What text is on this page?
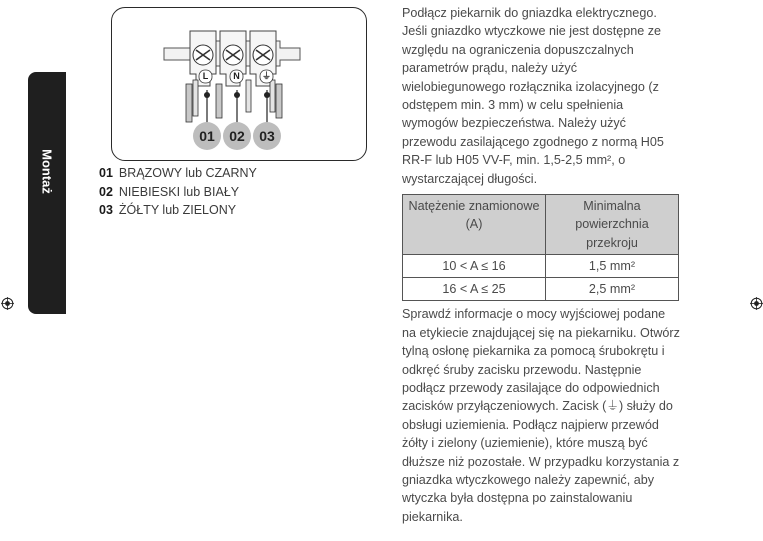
Montaż
L	N	⏚
01	02	03
01 BRĄZOWY lub CZARNY
02 NIEBIESKI lub BIAŁY
03 ŻÓŁTY lub ZIELONY

Podłącz piekarnik do gniazdka elektrycznego. Jeśli gniazdko wtyczkowe nie jest dostępne ze względu na ograniczenia dopuszczalnych parametrów prądu, należy użyć wielobiegunowego rozłącznika izolacyjnego (z odstępem min. 3 mm) w celu spełnienia wymogów bezpieczeństwa. Należy użyć przewodu zasilającego zgodnego z normą H05 RR-F lub H05 VV-F, min. 1,5-2,5 mm², o wystarczającej długości.

Natężenie znamionowe (A)	Minimalna powierzchnia przekroju
10 < A ≤ 16	1,5 mm²
16 < A ≤ 25	2,5 mm²

Sprawdź informacje o mocy wyjściowej podane na etykiecie znajdującej się na piekarniku. Otwórz tylną osłonę piekarnika za pomocą śrubokrętu i odkręć śruby zacisku przewodu. Następnie podłącz przewody zasilające do odpowiednich zacisków przyłączeniowych. Zacisk (⏚) służy do obsługi uziemienia. Podłącz najpierw przewód żółty i zielony (uziemienie), które muszą być dłuższe niż pozostałe. W przypadku korzystania z gniazdka wtyczkowego należy zapewnić, aby wtyczka była dostępna po zainstalowaniu piekarnika.
